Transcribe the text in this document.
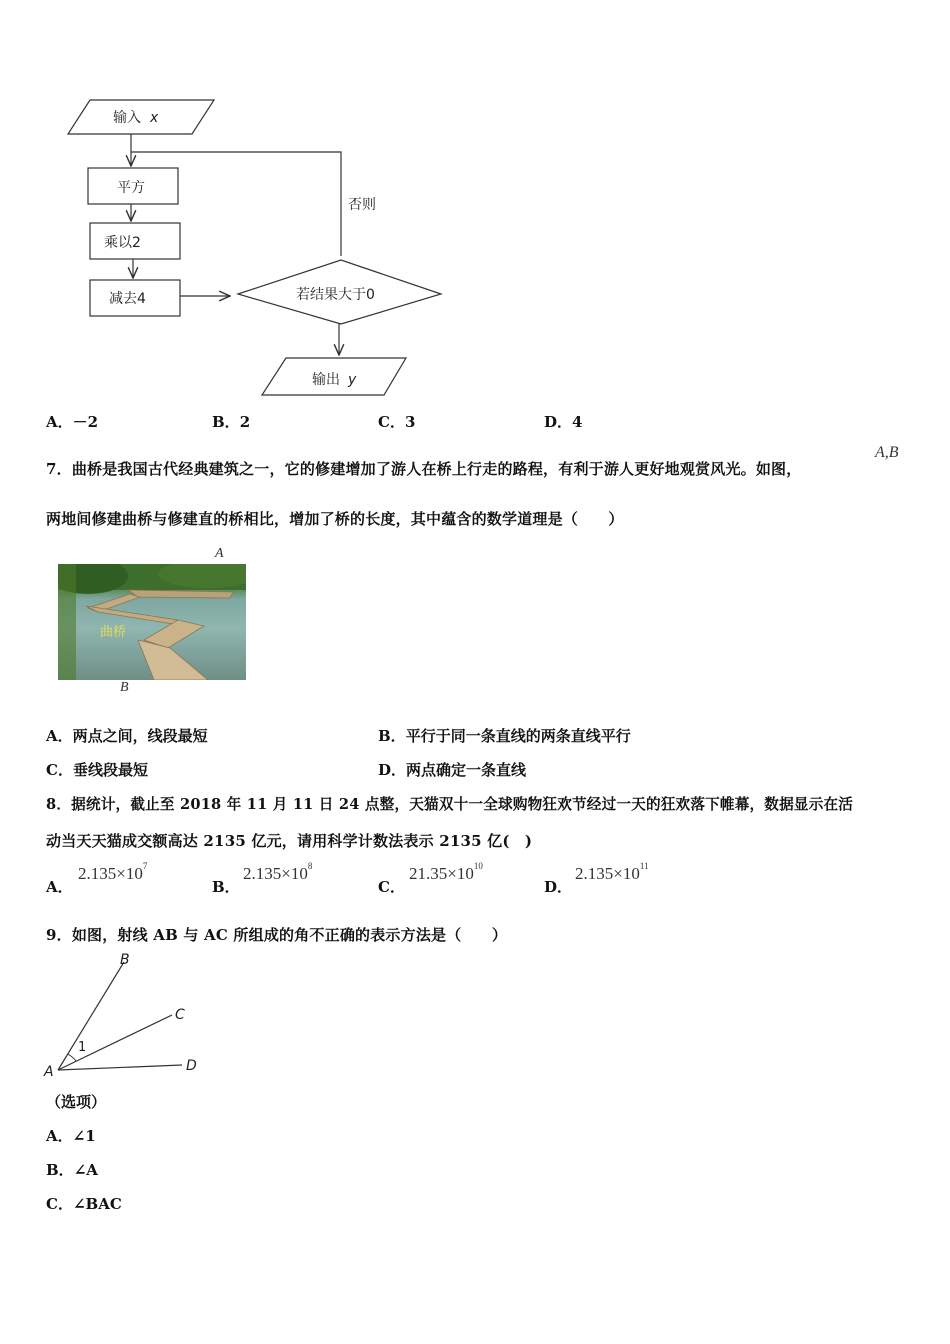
输入 x
否则
平方
乘以2
减去4	若结果大于0
输出 y
A．－2	B．2	C．3	D．4
7．曲桥是我国古代经典建筑之一，它的修建增加了游人在桥上行走的路程，有利于游人更好地观赏风光。如图，
A,B
两地间修建曲桥与修建直的桥相比，增加了桥的长度，其中蕴含的数学道理是（　　）
A
曲桥
B
A．两点之间，线段最短	B．平行于同一条直线的两条直线平行
C．垂线段最短	D．两点确定一条直线
8．据统计，截止至 2018 年 11 月 11 日 24 点整，天猫双十一全球购物狂欢节经过一天的狂欢落下帷幕，数据显示在活
动当天天猫成交额高达 2135 亿元，请用科学计数法表示 2135 亿(　)
A．
$2.135\times 10^7$
B．
$2.135\times 10^8$
C．
$21.35\times 10^{10}$
D．
$2.135\times 10^{11}$
9．如图，射线 AB 与 AC 所组成的角不正确的表示方法是（　　）
1
A
B
C
D
（选项）
A．∠1
B．∠A
C．∠BAC
